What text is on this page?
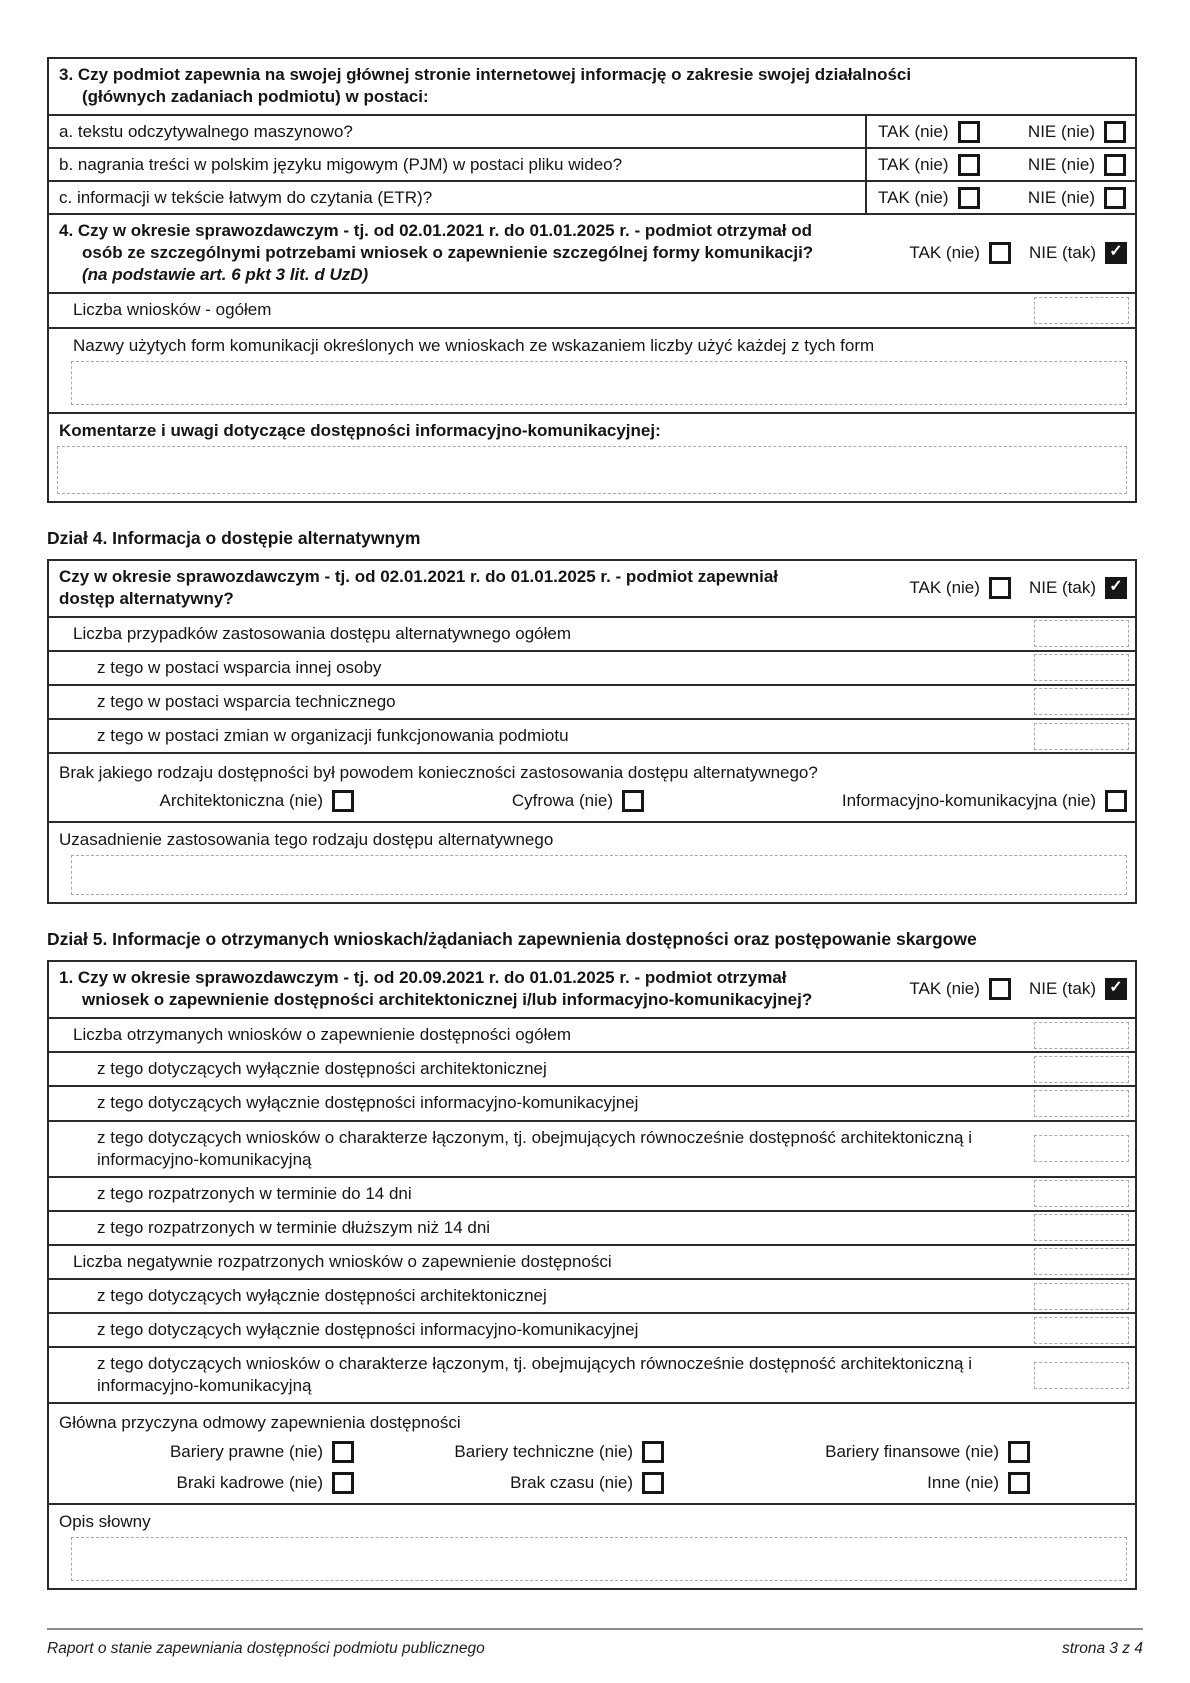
3. Czy podmiot zapewnia na swojej głównej stronie internetowej informację o zakresie swojej działalności (głównych zadaniach podmiotu) w postaci:
a. tekstu odczytywalnego maszynowo?	TAK (nie)	NIE (nie)
b. nagrania treści w polskim języku migowym (PJM) w postaci pliku wideo?	TAK (nie)	NIE (nie)
c. informacji w tekście łatwym do czytania (ETR)?	TAK (nie)	NIE (nie)
4. Czy w okresie sprawozdawczym - tj. od 02.01.2021 r. do 01.01.2025 r. - podmiot otrzymał od osób ze szczególnymi potrzebami wniosek o zapewnienie szczególnej formy komunikacji? (na podstawie art. 6 pkt 3 lit. d UzD)
TAK (nie)	NIE (tak) ✓
Liczba wniosków - ogółem
Nazwy użytych form komunikacji określonych we wnioskach ze wskazaniem liczby użyć każdej z tych form
Komentarze i uwagi dotyczące dostępności informacyjno-komunikacyjnej:
Dział 4. Informacja o dostępie alternatywnym
Czy w okresie sprawozdawczym - tj. od 02.01.2021 r. do 01.01.2025 r. - podmiot zapewniał dostęp alternatywny?
TAK (nie)	NIE (tak) ✓
Liczba przypadków zastosowania dostępu alternatywnego ogółem
z tego w postaci wsparcia innej osoby
z tego w postaci wsparcia technicznego
z tego w postaci zmian w organizacji funkcjonowania podmiotu
Brak jakiego rodzaju dostępności był powodem konieczności zastosowania dostępu alternatywnego?
Architektoniczna (nie)	Cyfrowa (nie)	Informacyjno-komunikacyjna (nie)
Uzasadnienie zastosowania tego rodzaju dostępu alternatywnego
Dział 5. Informacje o otrzymanych wnioskach/żądaniach zapewnienia dostępności oraz postępowanie skargowe
1. Czy w okresie sprawozdawczym - tj. od 20.09.2021 r. do 01.01.2025 r. - podmiot otrzymał wniosek o zapewnienie dostępności architektonicznej i/lub informacyjno-komunikacyjnej?
TAK (nie)	NIE (tak) ✓
Liczba otrzymanych wniosków o zapewnienie dostępności ogółem
z tego dotyczących wyłącznie dostępności architektonicznej
z tego dotyczących wyłącznie dostępności informacyjno-komunikacyjnej
z tego dotyczących wniosków o charakterze łączonym, tj. obejmujących równocześnie dostępność architektoniczną i informacyjno-komunikacyjną
z tego rozpatrzonych w terminie do 14 dni
z tego rozpatrzonych w terminie dłuższym niż 14 dni
Liczba negatywnie rozpatrzonych wniosków o zapewnienie dostępności
z tego dotyczących wyłącznie dostępności architektonicznej
z tego dotyczących wyłącznie dostępności informacyjno-komunikacyjnej
z tego dotyczących wniosków o charakterze łączonym, tj. obejmujących równocześnie dostępność architektoniczną i informacyjno-komunikacyjną
Główna przyczyna odmowy zapewnienia dostępności
Bariery prawne (nie)	Bariery techniczne (nie)	Bariery finansowe (nie)
Braki kadrowe (nie)	Brak czasu (nie)	Inne (nie)
Opis słowny
Raport o stanie zapewniania dostępności podmiotu publicznego	strona 3 z 4
